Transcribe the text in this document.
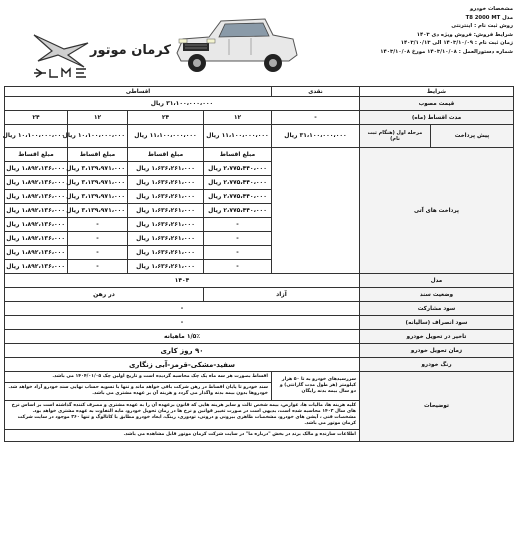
مشخصات خودرو
مدل T8 2000 MT
روش ثبت نام : اینترنتی
شرایط فروش: فروش ویژه دی ۱۴۰۳
زمان ثبت نام : ۱۴۰۳/۱۰/۰۹ الی ۱۴۰۳/۱۰/۱۳
شماره دستورالعمل : ۱۴۰۳/۱۰/۰۸ مورخ ۱۴۰۳/۱۰/۰۸
کرمان موتور
شرایط		نقدی	اقساطی			
قیمت مصوب		۳۱،۱۰۰،۰۰۰،۰۰۰ ریال				
مدت اقساط (ماه)		-	۱۲	۲۴	۱۲	۲۴
پیش پرداخت	مرحله اول (هنگام ثبت نام)	۳۱،۱۰۰،۰۰۰،۰۰۰ ریال	۱۱،۱۰۰،۰۰۰،۰۰۰ ریال	۱۱،۱۰۰،۰۰۰،۰۰۰ ریال	۱۰،۱۰۰،۰۰۰،۰۰۰ ریال	۱۰،۱۰۰،۰۰۰،۰۰۰ ریال
پرداخت های آتی			مبلغ اقساط	مبلغ اقساط	مبلغ اقساط	مبلغ اقساط
			۲،۷۷۵،۴۴۰،۰۰۰ ریال	۱،۶۳۶،۲۶۱،۰۰۰ ریال	۳،۱۳۹،۹۷۱،۰۰۰ ریال	۱،۸۹۲،۱۳۶،۰۰۰ ریال
			۲،۷۷۵،۴۴۰،۰۰۰ ریال	۱،۶۳۶،۲۶۱،۰۰۰ ریال	۳،۱۳۹،۹۷۱،۰۰۰ ریال	۱،۸۹۲،۱۳۶،۰۰۰ ریال
			۲،۷۷۵،۴۴۰،۰۰۰ ریال	۱،۶۳۶،۲۶۱،۰۰۰ ریال	۳،۱۳۹،۹۷۱،۰۰۰ ریال	۱،۸۹۲،۱۳۶،۰۰۰ ریال
			۲،۷۷۵،۴۴۰،۰۰۰ ریال	۱،۶۳۶،۲۶۱،۰۰۰ ریال	۳،۱۳۹،۹۷۱،۰۰۰ ریال	۱،۸۹۲،۱۳۶،۰۰۰ ریال
			-	۱،۶۳۶،۲۶۱،۰۰۰ ریال	-	۱،۸۹۲،۱۳۶،۰۰۰ ریال
			-	۱،۶۳۶،۲۶۱،۰۰۰ ریال	-	۱،۸۹۲،۱۳۶،۰۰۰ ریال
			-	۱،۶۳۶،۲۶۱،۰۰۰ ریال	-	۱،۸۹۲،۱۳۶،۰۰۰ ریال
			-	۱،۶۳۶،۲۶۱،۰۰۰ ریال	-	۱،۸۹۲،۱۳۶،۰۰۰ ریال
مدل		۱۴۰۴				
وضعیت سند		آزاد		در رهن		
سود مشارکت		-				
سود انصراف (سالیانه)		-				
تاخیر در تحویل خودرو		۱/۵٪ ماهیانه				
زمان تحویل خودرو		۹۰ روز کاری				
رنگ خودرو		سفید-مشکی-قرمز-آبی زنگاری				
توضیحات		سررسیدهای خودرو به تا ۵۰ هزار کیلومتر (هر طول مدت گارانتی) و دو سال بیمه بدنه رایگان	اقساط بصورت هر سه ماه یک چک محاسبه گردیده است و تاریخ اولین چک ۱۴۰۴/۰۱/۰۵ می باشد.			

			سند خودرو تا پایان اقساط در رهن شرکت باقی خواهد ماند و تنها با تسویه حساب نهایی سند خودرو آزاد خواهد شد.
خودروها بدون بیمه بدنه واگذار می گردد و هزینه آن بر عهده مشتری می باشد.			

		کلیه هزینه ها، مالیات ها، عوارض، بیمه شخص ثالث و سایر هزینه هایی که قانون برعهده آن را به عهده مشتری و مصرف کننده گذاشته است بر اساس نرخ های سال ۱۴۰۳ محاسبه شده است، بدیهی است در صورت تغییر قوانین و نرخ ها در زمان تحویل خودرو، مابه التفاوت به عهده مشتری خواهد بود.
مشخصات فنی ، آپشن های خودرو، مشخصات ظاهری بیرونی و درونی، تودوزی، رینگ، ابعاد خودرو مطابق با کاتالوگ و تنها ۳۶۰ موجود در سایت شرکت کرمان موتور می باشد.				

		اطلاعات سازنده و مالک برند در بخش "درباره ما" در سایت شرکت کرمان موتور قابل مشاهده می باشد.				
